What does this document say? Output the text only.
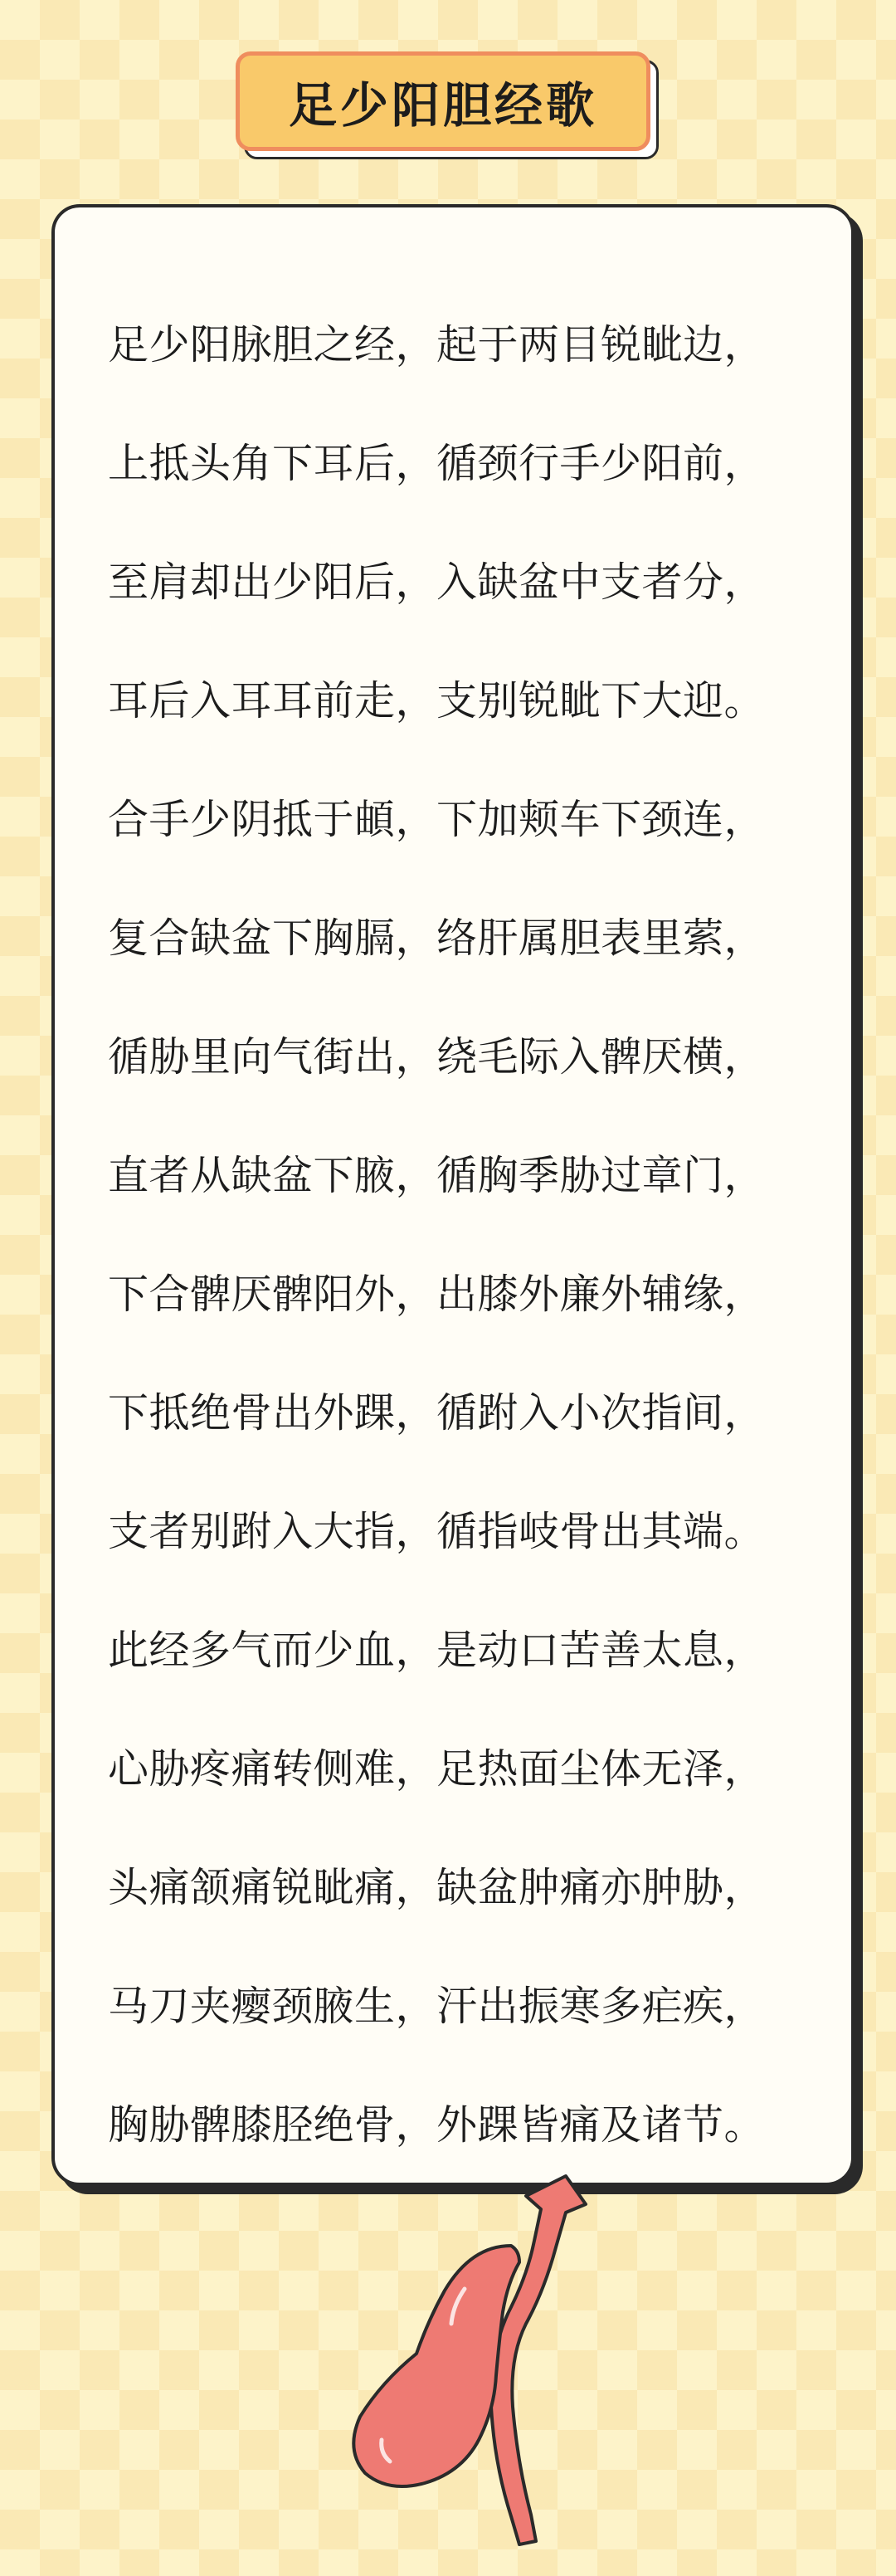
足少阳胆经歌
足少阳脉胆之经，起于两目锐眦边，
上抵头角下耳后，循颈行手少阳前，
至肩却出少阳后，入缺盆中支者分，
耳后入耳耳前走，支别锐眦下大迎。
合手少阴抵于頔，下加颊车下颈连，
复合缺盆下胸膈，络肝属胆表里萦，
循胁里向气街出，绕毛际入髀厌横，
直者从缺盆下腋，循胸季胁过章门，
下合髀厌髀阳外，出膝外廉外辅缘，
下抵绝骨出外踝，循跗入小次指间，
支者别跗入大指，循指岐骨出其端。
此经多气而少血，是动口苦善太息，
心胁疼痛转侧难，足热面尘体无泽，
头痛颔痛锐眦痛，缺盆肿痛亦肿胁，
马刀夹瘿颈腋生，汗出振寒多疟疾，
胸胁髀膝胫绝骨，外踝皆痛及诸节。
